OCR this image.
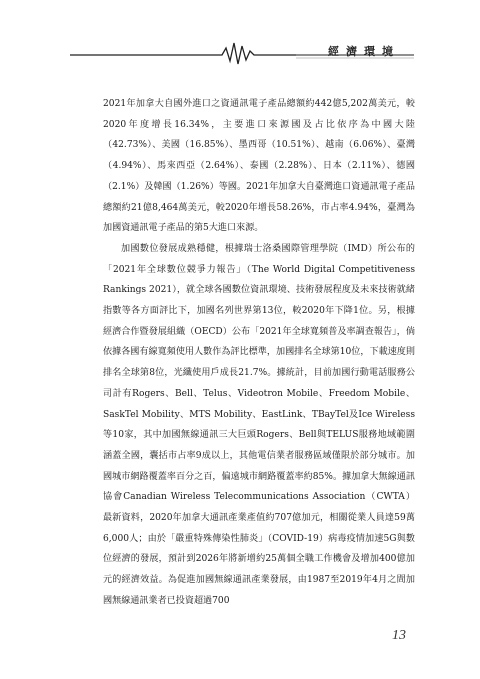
經濟環境

2021年加拿大自國外進口之資通訊電子產品總額約442億5,202萬美元，較2020年度增長16.34%，主要進口來源國及占比依序為中國大陸（42.73%）、美國（16.85%）、墨西哥（10.51%）、越南（6.06%）、臺灣（4.94%）、馬來西亞（2.64%）、泰國（2.28%）、日本（2.11%）、德國（2.1%）及韓國（1.26%）等國。2021年加拿大自臺灣進口資通訊電子產品總額約21億8,464萬美元，較2020年增長58.26%，市占率4.94%，臺灣為加國資通訊電子產品的第5大進口來源。

加國數位發展成熟穩健，根據瑞士洛桑國際管理學院（IMD）所公布的「2021年全球數位競爭力報告」（The World Digital Competitiveness Rankings 2021），就全球各國數位資訊環境、技術發展程度及未來技術就緒指數等各方面評比下，加國名列世界第13位，較2020年下降1位。另，根據經濟合作暨發展組織（OECD）公布「2021年全球寬頻普及率調查報告」，倘依據各國有線寬頻使用人數作為評比標準，加國排名全球第10位，下載速度則排名全球第8位，光纖使用戶成長21.7%。據統計，目前加國行動電話服務公司計有Rogers、Bell、Telus、Videotron Mobile、Freedom Mobile、SaskTel Mobility、MTS Mobility、EastLink、TBayTel及Ice Wireless等10家，其中加國無線通訊三大巨頭Rogers、Bell與TELUS服務地域範圍涵蓋全國，囊括市占率9成以上，其他電信業者服務區域僅限於部分城市。加國城市網路覆蓋率百分之百，偏遠城市網路覆蓋率約85%。據加拿大無線通訊協會Canadian Wireless Telecommunications Association（CWTA）最新資料，2020年加拿大通訊產業產值約707億加元，相關從業人員達59萬6,000人；由於「嚴重特殊傳染性肺炎」（COVID-19）病毒疫情加速5G與數位經濟的發展，預計到2026年將新增約25萬個全職工作機會及增加400億加元的經濟效益。為促進加國無線通訊產業發展，由1987至2019年4月之間加國無線通訊業者已投資超過700

13
